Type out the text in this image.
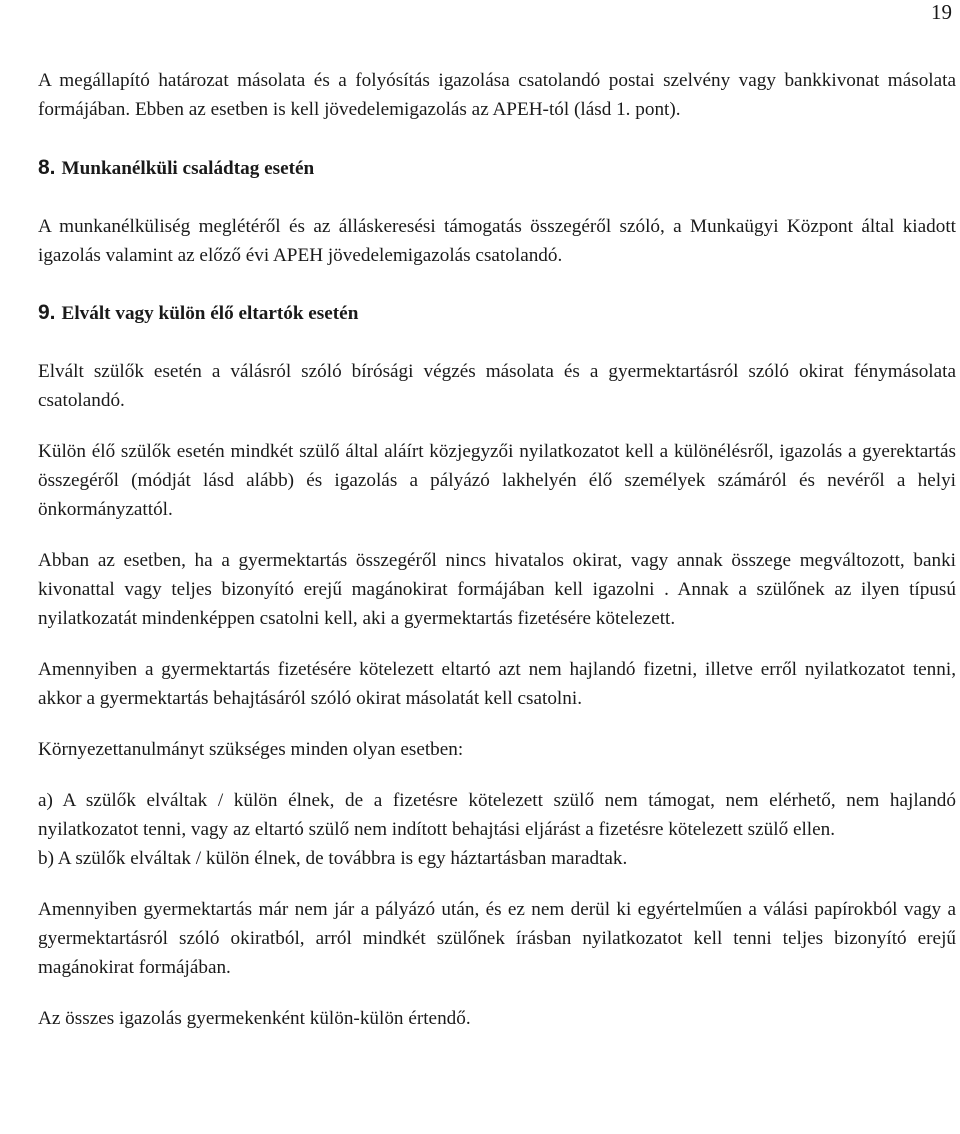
19

A megállapító határozat másolata és a folyósítás igazolása csatolandó postai szelvény vagy bankkivonat másolata formájában. Ebben az esetben is kell jövedelemigazolás az APEH-tól (lásd 1. pont).

8. Munkanélküli családtag esetén

A munkanélküliség meglétéről és az álláskeresési támogatás összegéről szóló, a Munkaügyi Központ által kiadott igazolás valamint az előző évi APEH jövedelemigazolás csatolandó.

9. Elvált vagy külön élő eltartók esetén

Elvált szülők esetén a válásról szóló bírósági végzés másolata és a gyermektartásról szóló okirat fénymásolata csatolandó.

Külön élő szülők esetén mindkét szülő által aláírt közjegyzői nyilatkozatot kell a különélésről, igazolás a gyerektartás összegéről (módját lásd alább) és igazolás a pályázó lakhelyén élő személyek számáról és nevéről a helyi önkormányzattól.

Abban az esetben, ha a gyermektartás összegéről nincs hivatalos okirat, vagy annak összege megváltozott, banki kivonattal vagy teljes bizonyító erejű magánokirat formájában kell igazolni . Annak a szülőnek az ilyen típusú nyilatkozatát mindenképpen csatolni kell, aki a gyermektartás fizetésére kötelezett.

Amennyiben a gyermektartás fizetésére kötelezett eltartó azt nem hajlandó fizetni, illetve erről nyilatkozatot tenni, akkor a gyermektartás behajtásáról szóló okirat másolatát kell csatolni.

Környezettanulmányt szükséges minden olyan esetben:

a) A szülők elváltak / külön élnek, de a fizetésre kötelezett szülő nem támogat, nem elérhető, nem hajlandó nyilatkozatot tenni, vagy az eltartó szülő nem indított behajtási eljárást a fizetésre kötelezett szülő ellen.

b) A szülők elváltak / külön élnek, de továbbra is egy háztartásban maradtak.

Amennyiben gyermektartás már nem jár a pályázó után, és ez nem derül ki egyértelműen a válási papírokból vagy a gyermektartásról szóló okiratból, arról mindkét szülőnek írásban nyilatkozatot kell tenni teljes bizonyító erejű magánokirat formájában.

Az összes igazolás gyermekenként külön-külön értendő.
